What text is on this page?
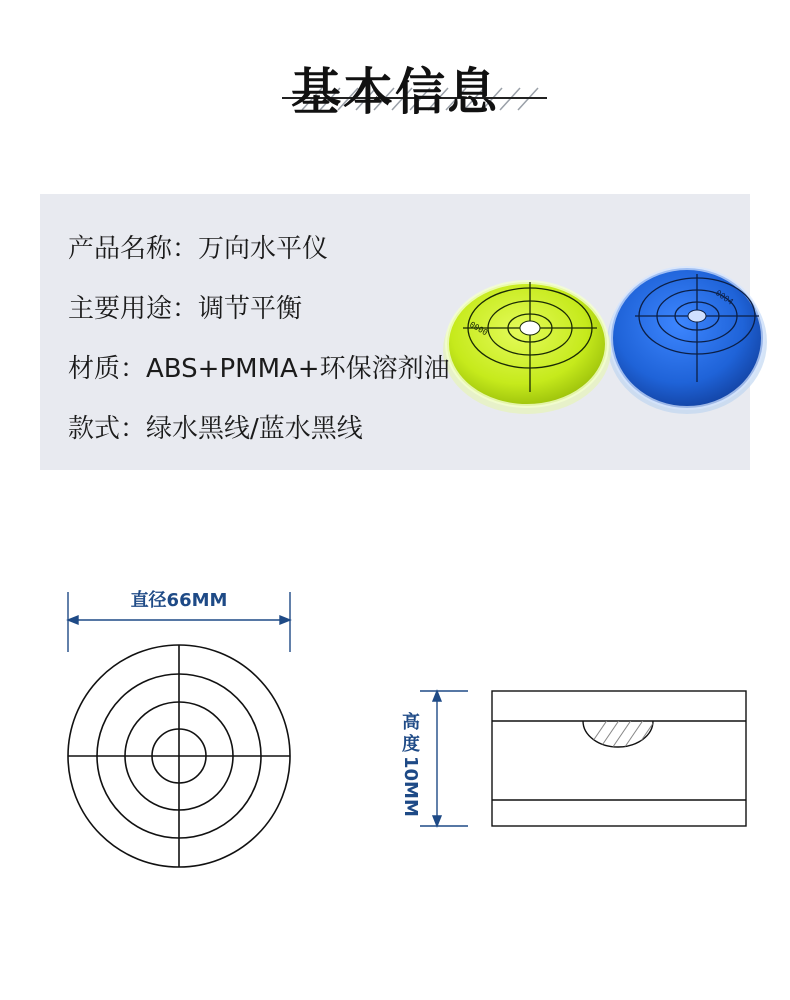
基本信息
产品名称：万向水平仪
主要用途：调节平衡	0004
0000
材质：ABS+PMMA+环保溶剂油
款式：绿水黑线/蓝水黑线
直径66MM
高度
10MM
